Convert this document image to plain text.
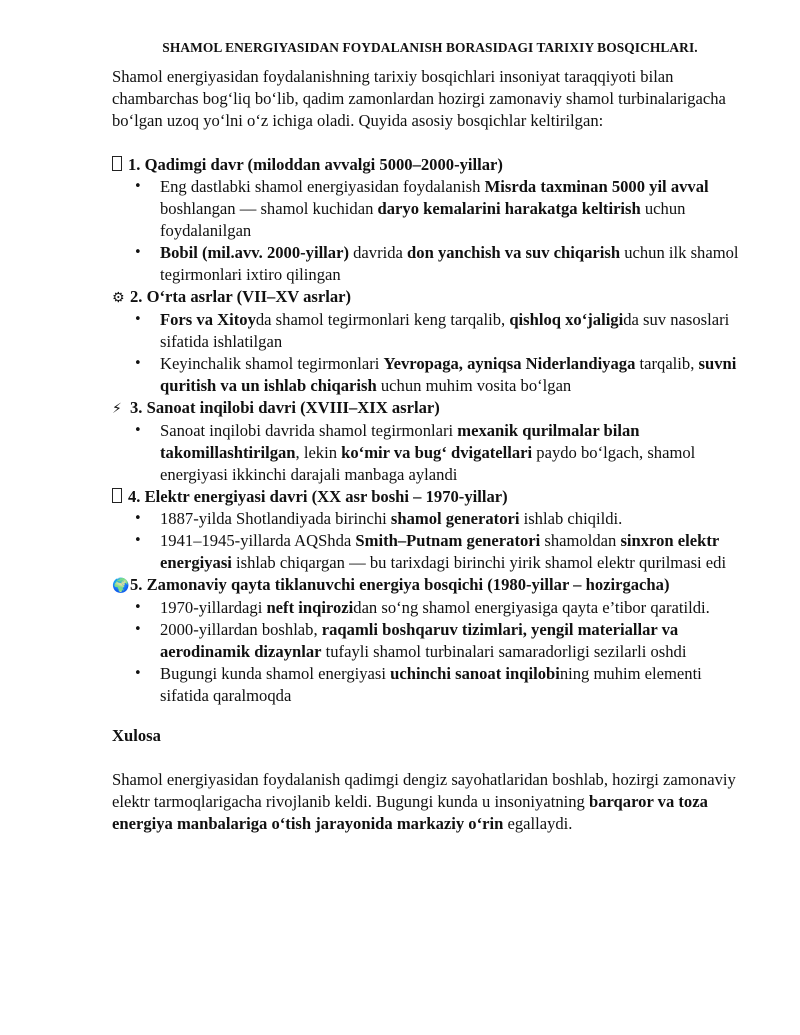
SHAMOL ENERGIYASIDAN FOYDALANISH BORASIDAGI TARIXIY BOSQICHLARI.

Shamol energiyasidan foydalanishning tarixiy bosqichlari insoniyat taraqqiyoti bilan chambarchas bog‘liq bo‘lib, qadim zamonlardan hozirgi zamonaviy shamol turbinalarigacha bo‘lgan uzoq yo‘lni o‘z ichiga oladi. Quyida asosiy bosqichlar keltirilgan:

1. Qadimgi davr (miloddan avvalgi 5000–2000-yillar)
• Eng dastlabki shamol energiyasidan foydalanish Misrda taxminan 5000 yil avval boshlangan — shamol kuchidan daryo kemalarini harakatga keltirish uchun foydalanilgan
• Bobil (mil.avv. 2000-yillar) davrida don yanchish va suv chiqarish uchun ilk shamol tegirmonlari ixtiro qilingan
⚙ 2. O‘rta asrlar (VII–XV asrlar)
• Fors va Xitoyda shamol tegirmonlari keng tarqalib, qishloq xo‘jaligida suv nasoslari sifatida ishlatilgan
• Keyinchalik shamol tegirmonlari Yevropaga, ayniqsa Niderlandiyaga tarqalib, suvni quritish va un ishlab chiqarish uchun muhim vosita bo‘lgan
⚡ 3. Sanoat inqilobi davri (XVIII–XIX asrlar)
• Sanoat inqilobi davrida shamol tegirmonlari mexanik qurilmalar bilan takomillashtirilgan, lekin ko‘mir va bug‘ dvigatellari paydo bo‘lgach, shamol energiyasi ikkinchi darajali manbaga aylandi
4. Elektr energiyasi davri (XX asr boshi – 1970-yillar)
• 1887-yilda Shotlandiyada birinchi shamol generatori ishlab chiqildi.
• 1941–1945-yillarda AQShda Smith–Putnam generatori shamoldan sinxron elektr energiyasi ishlab chiqargan — bu tarixdagi birinchi yirik shamol elektr qurilmasi edi
🌍 5. Zamonaviy qayta tiklanuvchi energiya bosqichi (1980-yillar – hozirgacha)
• 1970-yillardagi neft inqirozidan so‘ng shamol energiyasiga qayta e’tibor qaratildi.
• 2000-yillardan boshlab, raqamli boshqaruv tizimlari, yengil materiallar va aerodinamik dizaynlar tufayli shamol turbinalari samaradorligi sezilarli oshdi
• Bugungi kunda shamol energiyasi uchinchi sanoat inqilobining muhim elementi sifatida qaralmoqda
Xulosa

Shamol energiyasidan foydalanish qadimgi dengiz sayohatlaridan boshlab, hozirgi zamonaviy elektr tarmoqlarigacha rivojlanib keldi. Bugungi kunda u insoniyatning barqaror va toza energiya manbalariga o‘tish jarayonida markaziy o‘rin egallaydi.
